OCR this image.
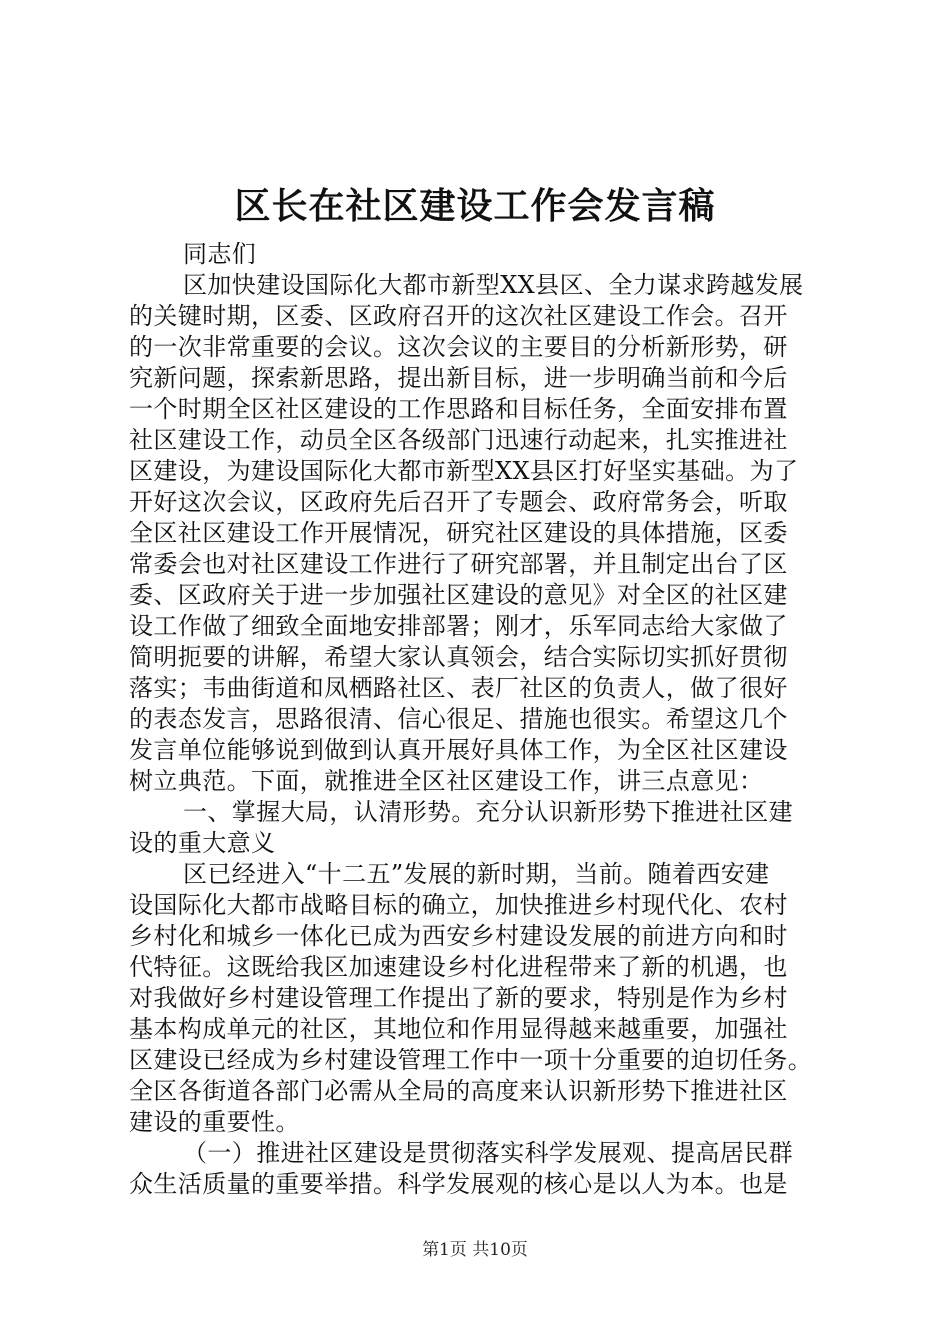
区长在社区建设工作会发言稿
同志们
区加快建设国际化大都市新型XX县区、全力谋求跨越发展
的关键时期，区委、区政府召开的这次社区建设工作会。召开
的一次非常重要的会议。这次会议的主要目的分析新形势，研
究新问题，探索新思路，提出新目标，进一步明确当前和今后
一个时期全区社区建设的工作思路和目标任务，全面安排布置
社区建设工作，动员全区各级部门迅速行动起来，扎实推进社
区建设，为建设国际化大都市新型XX县区打好坚实基础。为了
开好这次会议，区政府先后召开了专题会、政府常务会，听取
全区社区建设工作开展情况，研究社区建设的具体措施，区委
常委会也对社区建设工作进行了研究部署，并且制定出台了区
委、区政府关于进一步加强社区建设的意见》对全区的社区建
设工作做了细致全面地安排部署；刚才，乐军同志给大家做了
简明扼要的讲解，希望大家认真领会，结合实际切实抓好贯彻
落实；韦曲街道和凤栖路社区、表厂社区的负责人，做了很好
的表态发言，思路很清、信心很足、措施也很实。希望这几个
发言单位能够说到做到认真开展好具体工作，为全区社区建设
树立典范。下面，就推进全区社区建设工作，讲三点意见：
一、掌握大局，认清形势。充分认识新形势下推进社区建
设的重大意义
区已经进入“十二五”发展的新时期，当前。随着西安建
设国际化大都市战略目标的确立，加快推进乡村现代化、农村
乡村化和城乡一体化已成为西安乡村建设发展的前进方向和时
代特征。这既给我区加速建设乡村化进程带来了新的机遇，也
对我做好乡村建设管理工作提出了新的要求，特别是作为乡村
基本构成单元的社区，其地位和作用显得越来越重要，加强社
区建设已经成为乡村建设管理工作中一项十分重要的迫切任务。
全区各街道各部门必需从全局的高度来认识新形势下推进社区
建设的重要性。
（一）推进社区建设是贯彻落实科学发展观、提高居民群
众生活质量的重要举措。科学发展观的核心是以人为本。也是
第1页 共10页
